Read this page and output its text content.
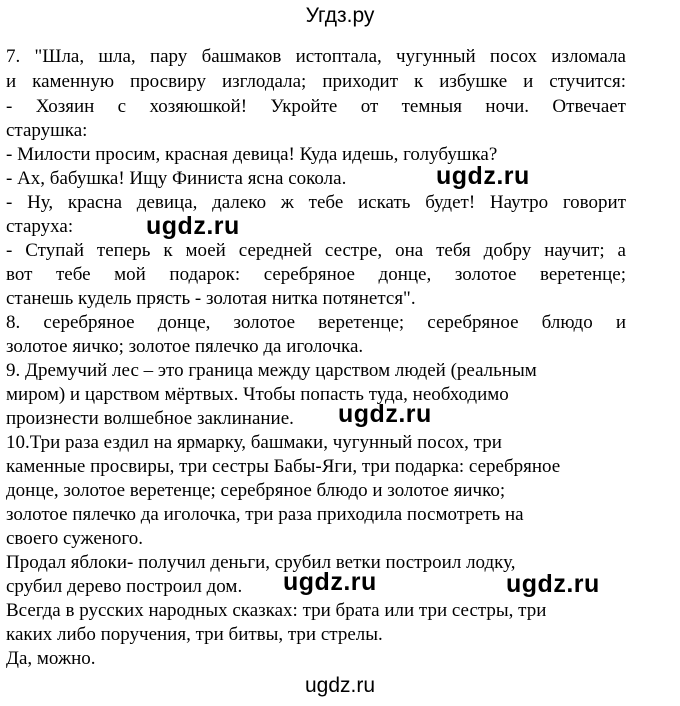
Угдз.ру
7. "Шла, шла, пару башмаков истоптала, чугунный посох изломала
и каменную просвиру изглодала; приходит к избушке и стучится:
- Хозяин с хозяюшкой! Укройте от темныя ночи. Отвечает
старушка:
- Милости просим, красная девица! Куда идешь, голубушка?
- Ах, бабушка! Ищу Финиста ясна сокола.
- Ну, красна девица, далеко ж тебе искать будет! Наутро говорит
старуха:
- Ступай теперь к моей середней сестре, она тебя добру научит; а
вот тебе мой подарок: серебряное донце, золотое веретенце;
станешь кудель прясть - золотая нитка потянется".
8. серебряное донце, золотое веретенце; серебряное блюдо и
золотое яичко; золотое пялечко да иголочка.
9. Дремучий лес – это граница между царством людей (реальным
миром) и царством мёртвых. Чтобы попасть туда, необходимо
произнести волшебное заклинание.
10.Три раза ездил на ярмарку, башмаки, чугунный посох, три
каменные просвиры, три сестры Бабы-Яги, три подарка: серебряное
донце, золотое веретенце; серебряное блюдо и золотое яичко;
золотое пялечко да иголочка, три раза приходила посмотреть на
своего суженого.
Продал яблоки- получил деньги, срубил ветки построил лодку,
срубил дерево построил дом.
Всегда в русских народных сказках: три брата или три сестры, три
каких либо поручения, три битвы, три стрелы.
Да, можно.
ugdz.ru
ugdz.ru
ugdz.ru
ugdz.ru	ugdz.ru
ugdz.ru
